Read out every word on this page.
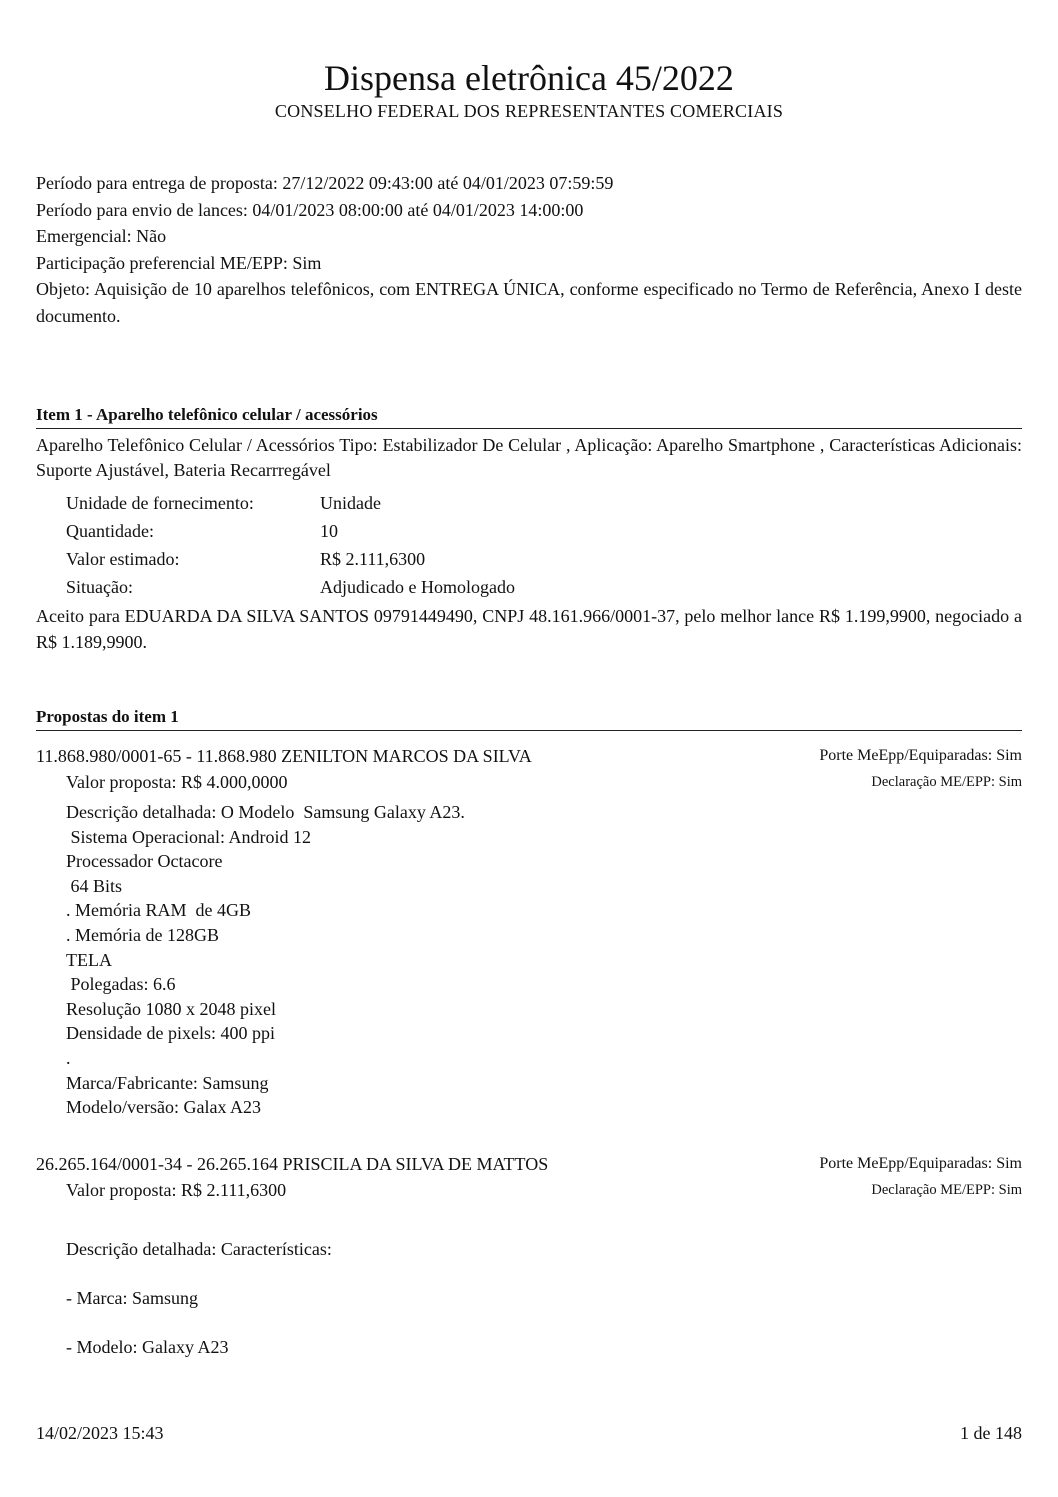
Dispensa eletrônica 45/2022
CONSELHO FEDERAL DOS REPRESENTANTES COMERCIAIS
Período para entrega de proposta: 27/12/2022 09:43:00 até 04/01/2023 07:59:59
Período para envio de lances: 04/01/2023 08:00:00 até 04/01/2023 14:00:00
Emergencial: Não
Participação preferencial ME/EPP: Sim
Objeto: Aquisição de 10 aparelhos telefônicos, com ENTREGA ÚNICA, conforme especificado no Termo de Referência, Anexo I deste documento.
Item 1 - Aparelho telefônico celular / acessórios
Aparelho Telefônico Celular / Acessórios Tipo: Estabilizador De Celular , Aplicação: Aparelho Smartphone , Características Adicionais: Suporte Ajustável, Bateria Recarrregável
Unidade de fornecimento:	Unidade
Quantidade:	10
Valor estimado:	R$ 2.111,6300
Situação:	Adjudicado e Homologado
Aceito para EDUARDA DA SILVA SANTOS 09791449490, CNPJ 48.161.966/0001-37, pelo melhor lance R$ 1.199,9900, negociado a R$ 1.189,9900.
Propostas do item 1
11.868.980/0001-65 - 11.868.980 ZENILTON MARCOS DA SILVA	Porte MeEpp/Equiparadas: Sim
Valor proposta: R$ 4.000,0000	Declaração ME/EPP: Sim
Descrição detalhada: O Modelo  Samsung Galaxy A23.
Sistema Operacional: Android 12
Processador Octacore
64 Bits
. Memória RAM  de 4GB
. Memória de 128GB
TELA
Polegadas: 6.6
Resolução 1080 x 2048 pixel
Densidade de pixels: 400 ppi
.
Marca/Fabricante: Samsung
Modelo/versão: Galax A23
26.265.164/0001-34 - 26.265.164 PRISCILA DA SILVA DE MATTOS	Porte MeEpp/Equiparadas: Sim
Valor proposta: R$ 2.111,6300	Declaração ME/EPP: Sim
Descrição detalhada: Características:
- Marca: Samsung
- Modelo: Galaxy A23
14/02/2023 15:43	1 de 148
